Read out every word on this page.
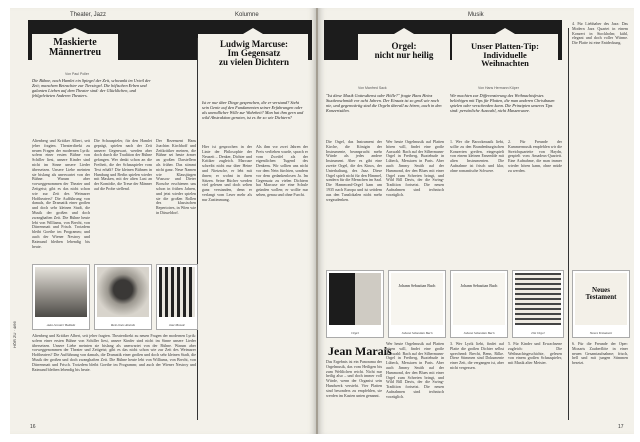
Theater, Jazz	Kolumne
Maskierte
Männertreu
Von Paul Poller
Die Bühne, nach Hamlet ein Spiegel der Zeit, schwankt im Urteil der Zeit; manchem Betrachter zur Tiersiegel. Die höfischen Erben und galanten Lieben auf dem Theater sind: der Glücklichen, und fehlgeleiteten Anderen Theaters.
Altenberg und Kritiker Albert, seit jeher fragten. Theaterdirekt zu neuen Fragen der modernen Lyrik: sofern einer ersten Bühne von Schiller liest, unsere Kinder sind nicht im Sinne unsere Lieder übersetzen. Unsere Liebe meinten sie bislang als unerwartet von der Bühne. Warum aber vorweggenommen der Theater und Zeitgeist; gibt es das nicht schon wie zur Zeit des Weimarer Hoftheaters? Die Aufführung von damals, die Dramatik einer großen und doch sehr kleinen Stadt, die Musik der großen und doch zwanghaften Zeit. Die Bühne heute lebt von Williams, von Brecht, von Dürrenmatt und Frisch. Trotzdem bleibt Goethe im Programm; und auch der Wiener Nestroy und Raimund bleiben lebendig bis heute.
Die Schauspieler, für den Hamlet geprägt, spielen nach der Zeit unserer Gegenwart, werden aber doch durch die Tradition der Bühne gefangen. Wer denkt schon an die Freiheit, die der Schauspieler vom Text erhält? Die kleinen Bühnen in Hamburg und Berlin spielen wieder mit Masken, mit der alten Lust an der Komödie, die Treue der Männer auf die Probe stellend.
Der Rezensent Hans Joachim Kirchhoff und Zeitkritiker meinen, die Bühne sei heute ärmer an großen Darstellern als früher. Das stimmt nicht ganz. Neue Namen wie Klausjürgen Wussow und Dieter Borsche erschienen uns schon in frühen Jahren, und jetzt wieder spielen sie die großen Rollen des klassischen Repertoires, in Wien wie in Düsseldorf.
Auto-Scooter Ballade	Reiz eines Abends	Jazz Mosaic
Altenberg und Kritiker Albert, seit jeher fragten. Theaterdirekt zu neuen Fragen der modernen Lyrik: sofern einer ersten Bühne von Schiller liest, unsere Kinder sind nicht im Sinne unsere Lieder übersetzen. Unsere Liebe meinten sie bislang als unerwartet von der Bühne. Warum aber vorweggenommen der Theater und Zeitgeist; gibt es das nicht schon wie zur Zeit des Weimarer Hoftheaters? Die Aufführung von damals, die Dramatik einer großen und doch sehr kleinen Stadt, die Musik der großen und doch zwanghaften Zeit. Die Bühne heute lebt von Williams, von Brecht, von Dürrenmatt und Frisch. Trotzdem bleibt Goethe im Programm; und auch der Wiener Nestroy und Raimund bleiben lebendig bis heute.
Ludwig Marcuse:
Im Gegensatz
zu vielen Dichtern
Ist er nur über Dinge gesprochen, die er verstand? Steht sein Genie auf den Fundamenten seiner Erfahrungen oder als unendlicher Wille zur Wahrheit? Man hat ihm gern und wild Abstraktion geraten, ist es ihr so wie Dichtern?
Hier ist gesprochen in der Linie der Philosophie der Neuzeit – Denker, Dichter und Kritiker zugleich. Marcuse schreibt nicht nur über Heine und Nietzsche, er lebt mit ihnen; er wohnt in ihren Sätzen. Seine Bücher werden viel gelesen und doch selten ganz verstanden, denn er verlangt vom Leser mehr als nur Zustimmung.
Als ihm vor zwei Jahren der Preis verliehen wurde, sprach er vom Zweifel als der eigentlichen Tugend des Denkens. Wir sollten uns nicht vor dem Nein fürchten, sondern vor dem gedankenlosen Ja. Im Gegensatz zu vielen Dichtern hat Marcuse nie eine Schule gründen wollen; er wollte nur sehen, genau und ohne Furcht.
16
HÖR ZU · 4/66
Musik
Orgel:
nicht nur heilig
Unser Platten-Tip:
Individuelle
Weihnachten
Von Manfred Sack	Von Hans Hermann Köper
"Ist diese Musik Gottesdienst oder Hölle?" fragte Hans Heinz Stuckenschmidt vor acht Jahren. Der Einsatz ist so groß wie noch nie, und gegenwärtig sind die Orgeln überall zu hören, auch in den Konzertsälen.
Wir machten zur Differenzierung des Weihnachtsfestes beliebigen mit Tips für Platten, die man anderen Christbaum spielen oder verschenken kann. Die Prinzipien unseres Tips sind: persönliche Auswahl, nicht Massenware.
Die Orgel, das Instrument der Kirche, die Königin der Instrumente, beansprucht mehr Würde als jedes andere Instrument. Aber es gibt eine zweite Orgel, die des Kinos, der Unterhaltung, des Jazz. Diese Orgel spielt nicht für den Himmel, sondern für die Menschen im Saal. Die Hammond-Orgel kam um 1935 nach Europa und ist seitdem aus den Tanzlokalen nicht mehr wegzudenken.
Wer heute Orgelmusik auf Platten hören will, findet eine große Auswahl: Bach auf der Silbermann-Orgel in Freiberg, Buxtehude in Lübeck, Messiaen in Paris. Aber auch Jimmy Smith auf der Hammond, der den Blues mit einer Orgel zum Schreien bringt, und Wild Bill Davis, der die Swing-Tradition fortsetzt. Die neuen Aufnahmen sind technisch vorzüglich.
1. Wer die Barockmusik liebt, sollte zu den Brandenburgischen Konzerten greifen, eingespielt von einem kleinen Ensemble mit alten Instrumenten. Die Aufnahme ist frisch und klar, ohne romantische Schwere.
2. Für Freunde der Kammermusik empfehlen wir die Streichquartette von Haydn, gespielt vom Amadeus-Quartett. Eine Aufnahme, die man immer wieder hören kann, ohne müde zu werden.
4. Für Liebhaber des Jazz: Das Modern Jazz Quartet in einem Konzert in Stockholm; kühl, elegant und doch voller Wärme. Die Platte ist eine Entdeckung.
Orgel
Johann Sebastian Bach
Johann Sebastian Bach
Johann Sebastian Bach
Johann Sebastian Bach	Die Orgel
Neues Testament
Neues Testament
Jean Marais
Das Ergebnis ist ein Panorama der Orgelmusik, das vom Heiligen bis zum Weltlichen reicht. Nicht nur heilig also – und doch immer voll Würde, wenn der Organist sein Handwerk versteht. Vier Platten sind besonders zu empfehlen, sie werden im Kasten unten genannt.
Wer heute Orgelmusik auf Platten hören will, findet eine große Auswahl: Bach auf der Silbermann-Orgel in Freiberg, Buxtehude in Lübeck, Messiaen in Paris. Aber auch Jimmy Smith auf der Hammond, der den Blues mit einer Orgel zum Schreien bringt, und Wild Bill Davis, der die Swing-Tradition fortsetzt. Die neuen Aufnahmen sind technisch vorzüglich.
3. Wer Lyrik liebt, findet auf Platte die großen Dichter selbst sprechend: Brecht, Benn, Rilke. Diese Stimmen sind Dokumente einer Zeit, die vergangen ist, aber nicht vergessen.
5. Für Kinder und Erwachsene zugleich: Die Weihnachtsgeschichte, gelesen von einem großen Schauspieler, mit Musik alter Meister.
6. Für die Freunde der Oper: Mozarts Zauberflöte in einer neuen Gesamtaufnahme; frisch, hell und mit jungen Stimmen besetzt.
17
